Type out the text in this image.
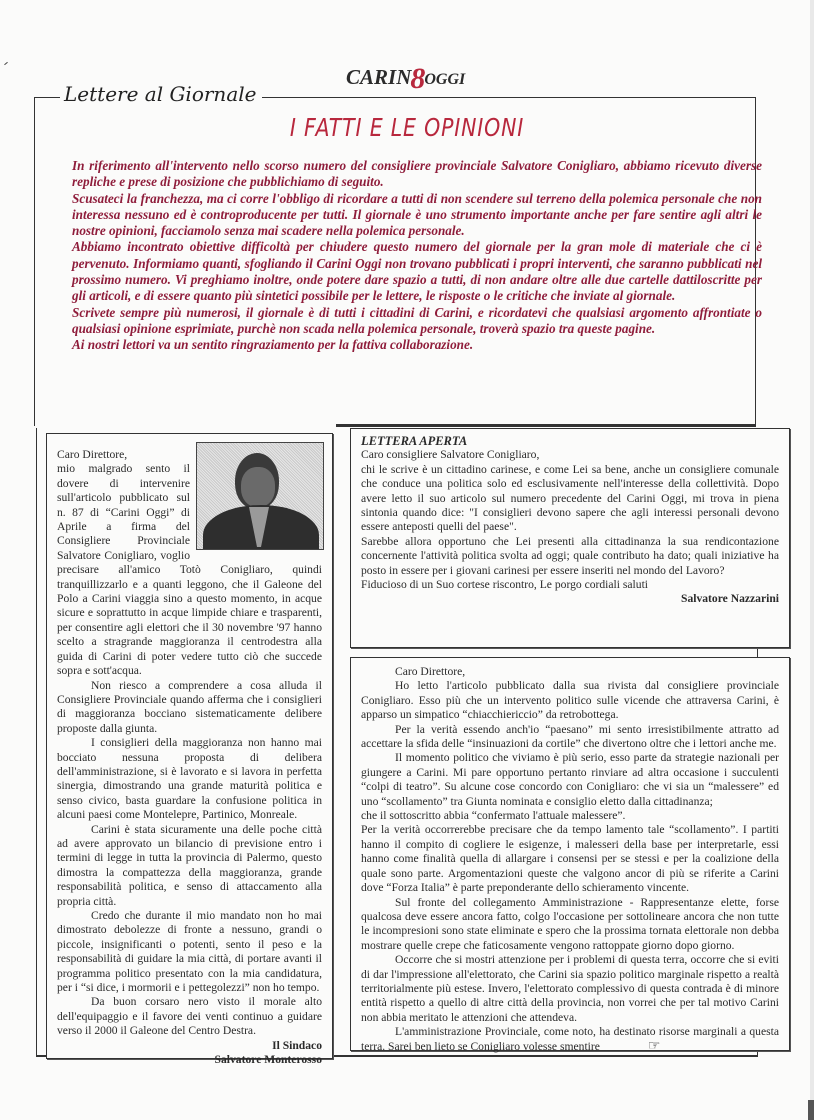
CARIN8OGGI
Lettere al Giornale
I FATTI E LE OPINIONI

In riferimento all'intervento nello scorso numero del consigliere provinciale Salvatore Conigliaro, abbiamo ricevuto diverse repliche e prese di posizione che pubblichiamo di seguito.

Scusateci la franchezza, ma ci corre l'obbligo di ricordare a tutti di non scendere sul terreno della polemica personale che non interessa nessuno ed è controproducente per tutti. Il giornale è uno strumento importante anche per fare sentire agli altri le nostre opinioni, facciamolo senza mai scadere nella polemica personale.

Abbiamo incontrato obiettive difficoltà per chiudere questo numero del giornale per la gran mole di materiale che ci è pervenuto. Informiamo quanti, sfogliando il Carini Oggi non trovano pubblicati i propri interventi, che saranno pubblicati nel prossimo numero. Vi preghiamo inoltre, onde potere dare spazio a tutti, di non andare oltre alle due cartelle dattiloscritte per gli articoli, e di essere quanto più sintetici possibile per le lettere, le risposte o le critiche che inviate al giornale.

Scrivete sempre più numerosi, il giornale è di tutti i cittadini di Carini, e ricordatevi che qualsiasi argomento affrontiate o qualsiasi opinione esprimiate, purchè non scada nella polemica personale, troverà spazio tra queste pagine.

Ai nostri lettori va un sentito ringraziamento per la fattiva collaborazione.

Caro Direttore,

mio malgrado sento il dovere di intervenire sull'articolo pubblicato sul n. 87 di “Carini Oggi” di Aprile a firma del Consigliere Provinciale Salvatore Conigliaro, voglio precisare all'amico Totò Conigliaro, quindi tranquillizzarlo e a quanti leggono, che il Galeone del Polo a Carini viaggia sino a questo momento, in acque sicure e soprattutto in acque limpide chiare e trasparenti, per consentire agli elettori che il 30 novembre '97 hanno scelto a stragrande maggioranza il centrodestra alla guida di Carini di poter vedere tutto ciò che succede sopra e sott'acqua.

Non riesco a comprendere a cosa alluda il Consigliere Provinciale quando afferma che i consiglieri di maggioranza bocciano sistematicamente delibere proposte dalla giunta.

I consiglieri della maggioranza non hanno mai bocciato nessuna proposta di delibera dell'amministrazione, si è lavorato e si lavora in perfetta sinergia, dimostrando una grande maturità politica e senso civico, basta guardare la confusione politica in alcuni paesi come Montelepre, Partinico, Monreale.

Carini è stata sicuramente una delle poche città ad avere approvato un bilancio di previsione entro i termini di legge in tutta la provincia di Palermo, questo dimostra la compattezza della maggioranza, grande responsabilità politica, e senso di attaccamento alla propria città.

Credo che durante il mio mandato non ho mai dimostrato debolezze di fronte a nessuno, grandi o piccole, insignificanti o potenti, sento il peso e la responsabilità di guidare la mia città, di portare avanti il programma politico presentato con la mia candidatura, per i “si dice, i mormorii e i pettegolezzi” non ho tempo.

Da buon corsaro nero visto il morale alto dell'equipaggio e il favore dei venti continuo a guidare verso il 2000 il Galeone del Centro Destra.

Il Sindaco

Salvatore Monterosso

LETTERA APERTA

Caro consigliere Salvatore Conigliaro,

chi le scrive è un cittadino carinese, e come Lei sa bene, anche un consigliere comunale che conduce una politica solo ed esclusivamente nell'interesse della collettività. Dopo avere letto il suo articolo sul numero precedente del Carini Oggi, mi trova in piena sintonia quando dice: "I consiglieri devono sapere che agli interessi personali devono essere anteposti quelli del paese".

Sarebbe allora opportuno che Lei presenti alla cittadinanza la sua rendicontazione concernente l'attività politica svolta ad oggi; quale contributo ha dato; quali iniziative ha posto in essere per i giovani carinesi per essere inseriti nel mondo del Lavoro?

Fiducioso di un Suo cortese riscontro, Le porgo cordiali saluti

Salvatore Nazzarini

Caro Direttore,

Ho letto l'articolo pubblicato dalla sua rivista dal consigliere provinciale Conigliaro. Esso più che un intervento politico sulle vicende che attraversa Carini, è apparso un simpatico “chiacchiericcio” da retrobottega.

Per la verità essendo anch'io “paesano” mi sento irresistibilmente attratto ad accettare la sfida delle “insinuazioni da cortile” che divertono oltre che i lettori anche me.

Il momento politico che viviamo è più serio, esso parte da strategie nazionali per giungere a Carini. Mi pare opportuno pertanto rinviare ad altra occasione i succulenti “colpi di teatro”. Su alcune cose concordo con Conigliaro: che vi sia un “malessere” ed uno “scollamento” tra Giunta nominata e consiglio eletto dalla cittadinanza;

che il sottoscritto abbia “confermato l'attuale malessere”.

Per la verità occorrerebbe precisare che da tempo lamento tale “scollamento”. I partiti hanno il compito di cogliere le esigenze, i malesseri della base per interpretarle, essi hanno come finalità quella di allargare i consensi per se stessi e per la coalizione della quale sono parte. Argomentazioni queste che valgono ancor di più se riferite a Carini dove “Forza Italia” è parte preponderante dello schieramento vincente.

Sul fronte del collegamento Amministrazione - Rappresentanze elette, forse qualcosa deve essere ancora fatto, colgo l'occasione per sottolineare ancora che non tutte le incompresioni sono state eliminate e spero che la prossima tornata elettorale non debba mostrare quelle crepe che faticosamente vengono rattoppate giorno dopo giorno.

Occorre che si mostri attenzione per i problemi di questa terra, occorre che si eviti di dar l'impressione all'elettorato, che Carini sia spazio politico marginale rispetto a realtà territorialmente più estese. Invero, l'elettorato complessivo di questa contrada è di minore entità rispetto a quello di altre città della provincia, non vorrei che per tal motivo Carini non abbia meritato le attenzioni che attendeva.

L'amministrazione Provinciale, come noto, ha destinato risorse marginali a questa terra. Sarei ben lieto se Conigliaro volesse smentire	☞
